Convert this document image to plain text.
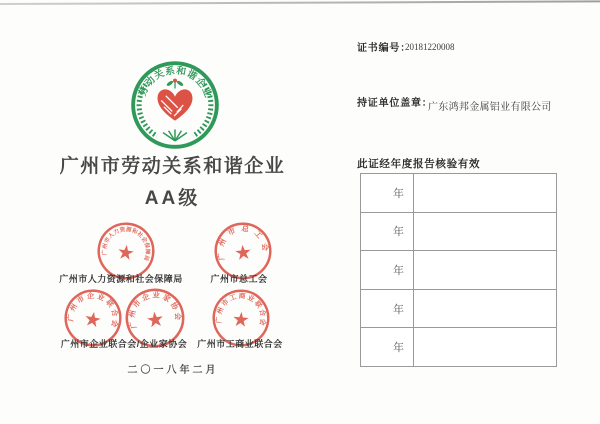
劳动关系和谐企业
广州市劳动关系和谐企业
AA级
广州市人力资源和社会保障局	广州市总工会
广州市企业联合会 广州市企业家协会	广州市工商业联合会
广州市人力资源和社会保障局	广州市总工会
广州市企业联合会/企业家协会 广州市工商业联合会
二〇一八年二月
证书编号：
20181220008
持证单位盖章：
广东鸿邦金属铝业有限公司
此证经年度报告核验有效
年
年
年
年
年
